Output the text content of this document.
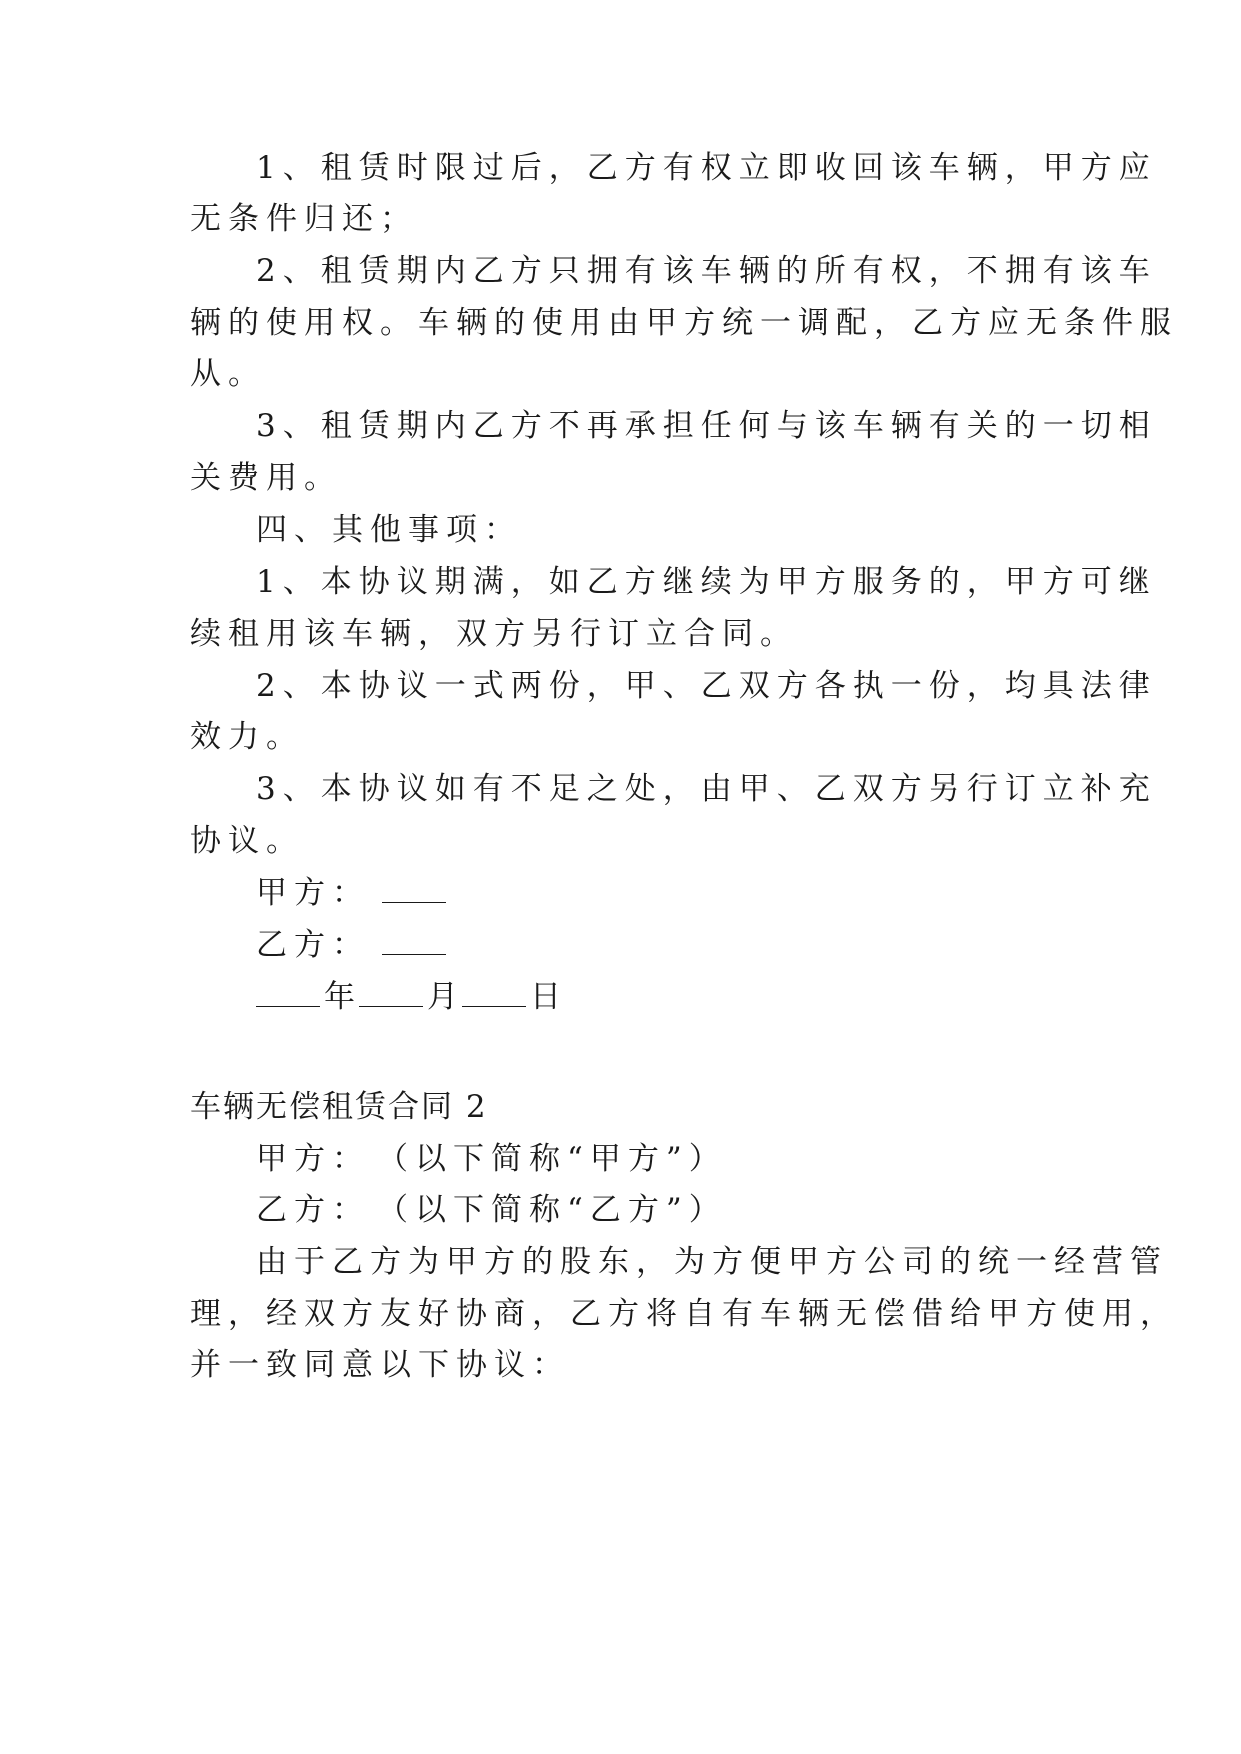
1、租赁时限过后，乙方有权立即收回该车辆，甲方应
无条件归还；
2、租赁期内乙方只拥有该车辆的所有权，不拥有该车
辆的使用权。车辆的使用由甲方统一调配，乙方应无条件服
从。
3、租赁期内乙方不再承担任何与该车辆有关的一切相
关费用。
四、其他事项：
1、本协议期满，如乙方继续为甲方服务的，甲方可继
续租用该车辆，双方另行订立合同。
2、本协议一式两份，甲、乙双方各执一份，均具法律
效力。
3、本协议如有不足之处，由甲、乙双方另行订立补充
协议。
甲方：
乙方：
年 月 日
车辆无偿租赁合同 2
甲方：　（以下简称“甲方”）
乙方：　（以下简称“乙方”）
由于乙方为甲方的股东，为方便甲方公司的统一经营管
理，经双方友好协商，乙方将自有车辆无偿借给甲方使用，
并一致同意以下协议：
